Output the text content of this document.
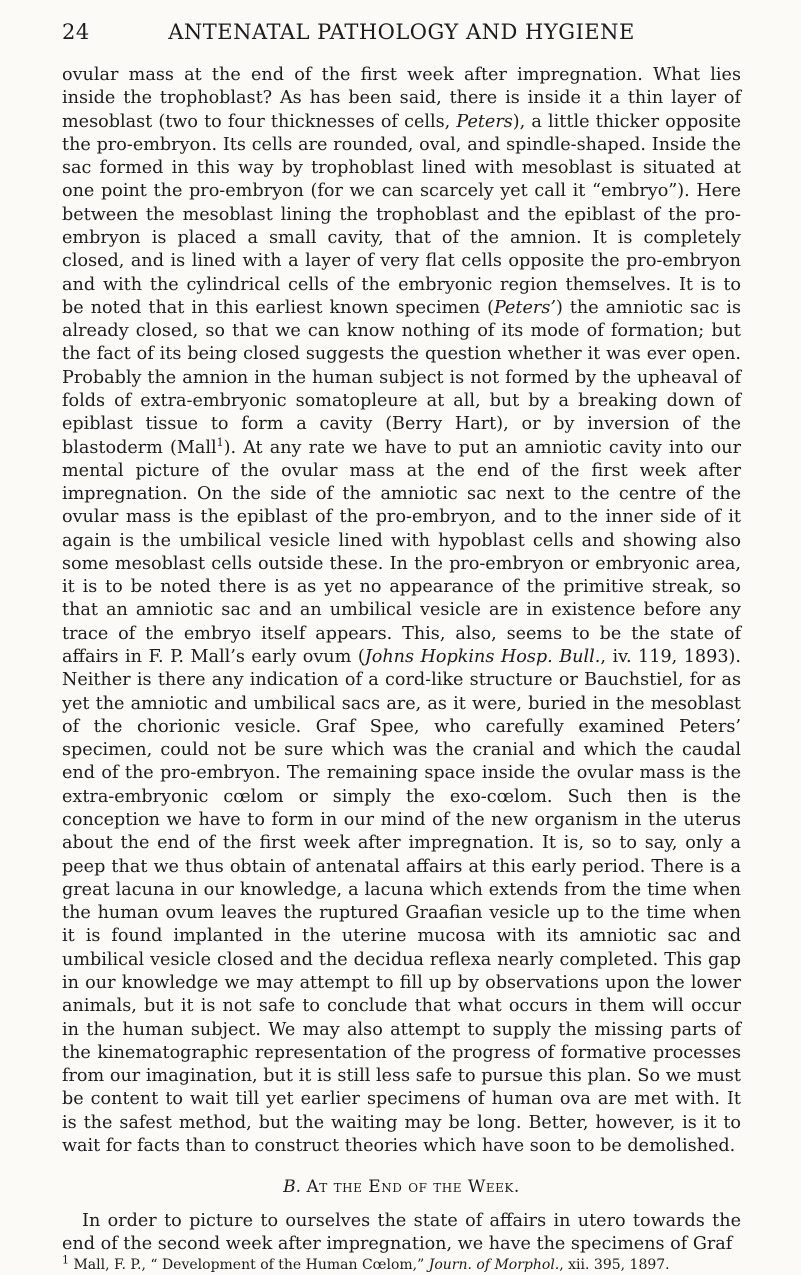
24	ANTENATAL PATHOLOGY AND HYGIENE

ovular mass at the end of the first week after impregnation. What lies inside the trophoblast? As has been said, there is inside it a thin layer of mesoblast (two to four thicknesses of cells, Peters), a little thicker opposite the pro-embryon. Its cells are rounded, oval, and spindle-shaped. Inside the sac formed in this way by trophoblast lined with mesoblast is situated at one point the pro-embryon (for we can scarcely yet call it “embryo”). Here between the mesoblast lining the trophoblast and the epiblast of the pro-embryon is placed a small cavity, that of the amnion. It is completely closed, and is lined with a layer of very flat cells opposite the pro-embryon and with the cylindrical cells of the embryonic region themselves. It is to be noted that in this earliest known specimen (Peters’) the amniotic sac is already closed, so that we can know nothing of its mode of formation; but the fact of its being closed suggests the question whether it was ever open. Probably the amnion in the human subject is not formed by the upheaval of folds of extra-embryonic somatopleure at all, but by a breaking down of epiblast tissue to form a cavity (Berry Hart), or by inversion of the blastoderm (Mall$^1$). At any rate we have to put an amniotic cavity into our mental picture of the ovular mass at the end of the first week after impregnation. On the side of the amniotic sac next to the centre of the ovular mass is the epiblast of the pro-embryon, and to the inner side of it again is the umbilical vesicle lined with hypoblast cells and showing also some mesoblast cells outside these. In the pro-embryon or embryonic area, it is to be noted there is as yet no appearance of the primitive streak, so that an amniotic sac and an umbilical vesicle are in existence before any trace of the embryo itself appears. This, also, seems to be the state of affairs in F. P. Mall’s early ovum (Johns Hopkins Hosp. Bull., iv. 119, 1893). Neither is there any indication of a cord-like structure or Bauchstiel, for as yet the amniotic and umbilical sacs are, as it were, buried in the mesoblast of the chorionic vesicle. Graf Spee, who carefully examined Peters’ specimen, could not be sure which was the cranial and which the caudal end of the pro-embryon. The remaining space inside the ovular mass is the extra-embryonic cœlom or simply the exo-cœlom. Such then is the conception we have to form in our mind of the new organism in the uterus about the end of the first week after impregnation. It is, so to say, only a peep that we thus obtain of antenatal affairs at this early period. There is a great lacuna in our knowledge, a lacuna which extends from the time when the human ovum leaves the ruptured Graafian vesicle up to the time when it is found implanted in the uterine mucosa with its amniotic sac and umbilical vesicle closed and the decidua reflexa nearly completed. This gap in our knowledge we may attempt to fill up by observations upon the lower animals, but it is not safe to conclude that what occurs in them will occur in the human subject. We may also attempt to supply the missing parts of the kinematographic representation of the progress of formative processes from our imagination, but it is still less safe to pursue this plan. So we must be content to wait till yet earlier specimens of human ova are met with. It is the safest method, but the waiting may be long. Better, however, is it to wait for facts than to construct theories which have soon to be demolished.

B. At the End of the Week.

In order to picture to ourselves the state of affairs in utero towards the end of the second week after impregnation, we have the specimens of Graf

$^1$ Mall, F. P., “ Development of the Human Cœlom,” Journ. of Morphol., xii. 395, 1897.
